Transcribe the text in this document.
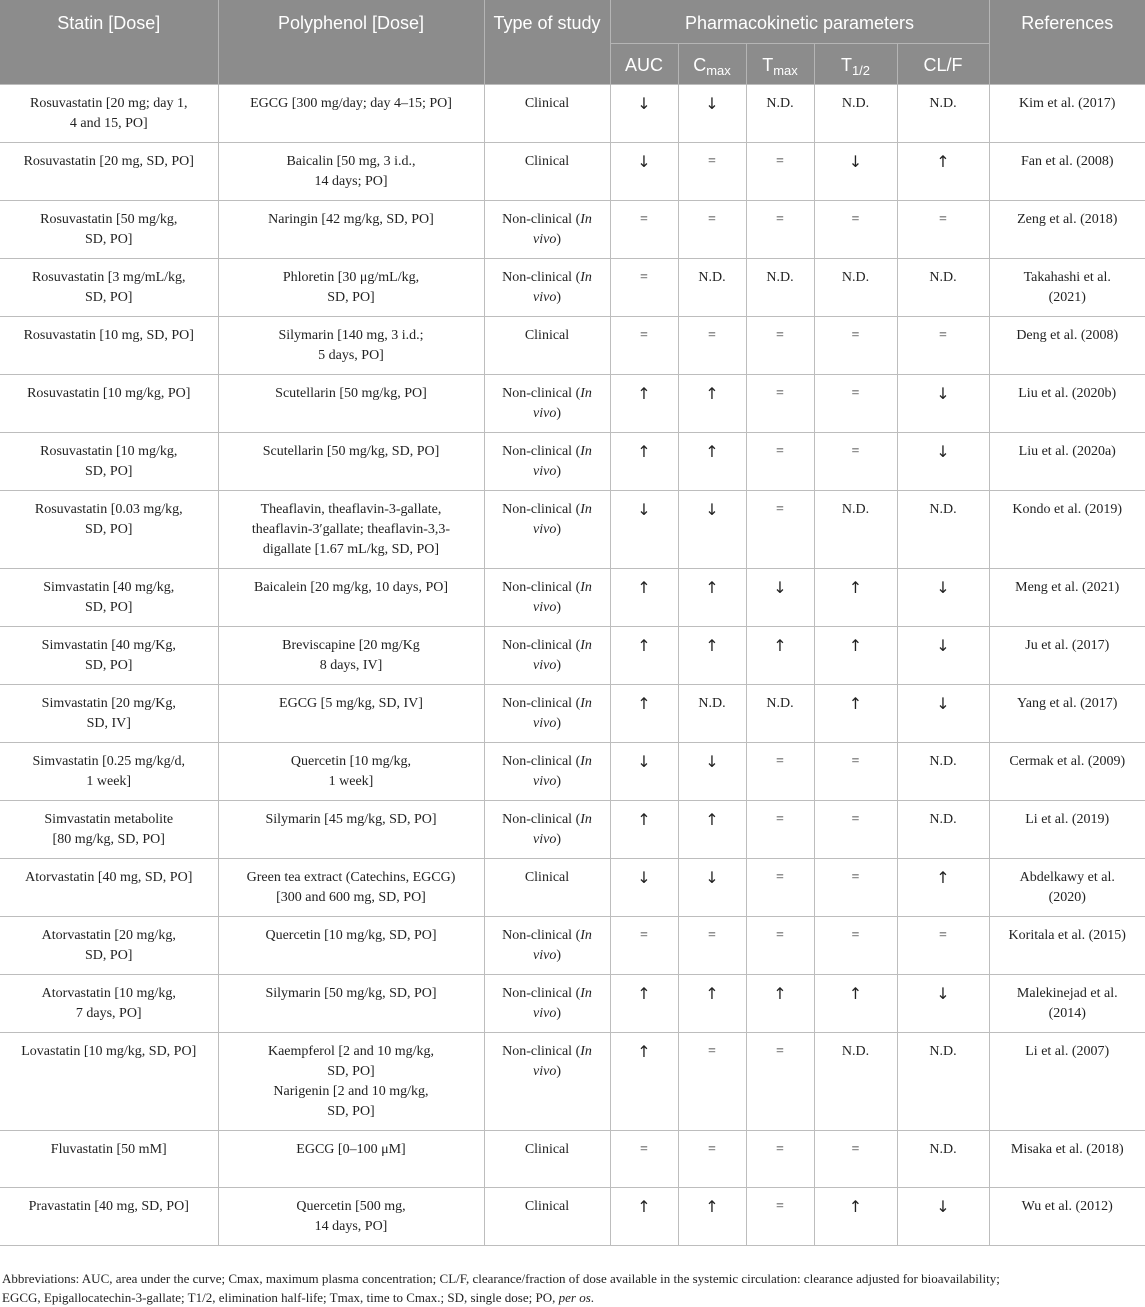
Statin [Dose]	Polyphenol [Dose]	Type of study	Pharmacokinetic parameters					References
			AUC	$C_{max}$	$T_{max}$	$T_{1/2}$	CL/F	

Rosuvastatin [20 mg; day 1,
4 and 15, PO]	EGCG [300 mg/day; day 4–15; PO]	Clinical	↓	↓	N.D.	N.D.	N.D.	Kim et al. (2017)

Rosuvastatin [20 mg, SD, PO]	Baicalin [50 mg, 3 i.d.,
14 days; PO]	Clinical	↓	=	=	↓	↑	Fan et al. (2008)

Rosuvastatin [50 mg/kg,
SD, PO]	Naringin [42 mg/kg, SD, PO]	Non-clinical (In
vivo)	=	=	=	=	=	Zeng et al. (2018)

Rosuvastatin [3 mg/mL/kg,
SD, PO]	Phloretin [30 μg/mL/kg,
SD, PO]	Non-clinical (In
vivo)	=	N.D.	N.D.	N.D.	N.D.	Takahashi et al.
(2021)

Rosuvastatin [10 mg, SD, PO]	Silymarin [140 mg, 3 i.d.;
5 days, PO]	Clinical	=	=	=	=	=	Deng et al. (2008)

Rosuvastatin [10 mg/kg, PO]	Scutellarin [50 mg/kg, PO]	Non-clinical (In
vivo)	↑	↑	=	=	↓	Liu et al. (2020b)

Rosuvastatin [10 mg/kg,
SD, PO]	Scutellarin [50 mg/kg, SD, PO]	Non-clinical (In
vivo)	↑	↑	=	=	↓	Liu et al. (2020a)

Rosuvastatin [0.03 mg/kg,
SD, PO]	Theaflavin, theaflavin-3-gallate,
theaflavin-3′gallate; theaflavin-3,3-
digallate [1.67 mL/kg, SD, PO]	Non-clinical (In
vivo)	↓	↓	=	N.D.	N.D.	Kondo et al. (2019)

Simvastatin [40 mg/kg,
SD, PO]	Baicalein [20 mg/kg, 10 days, PO]	Non-clinical (In
vivo)	↑	↑	↓	↑	↓	Meng et al. (2021)

Simvastatin [40 mg/Kg,
SD, PO]	Breviscapine [20 mg/Kg
8 days, IV]	Non-clinical (In
vivo)	↑	↑	↑	↑	↓	Ju et al. (2017)

Simvastatin [20 mg/Kg,
SD, IV]	EGCG [5 mg/kg, SD, IV]	Non-clinical (In
vivo)	↑	N.D.	N.D.	↑	↓	Yang et al. (2017)

Simvastatin [0.25 mg/kg/d,
1 week]	Quercetin [10 mg/kg,
1 week]	Non-clinical (In
vivo)	↓	↓	=	=	N.D.	Cermak et al. (2009)

Simvastatin metabolite
[80 mg/kg, SD, PO]	Silymarin [45 mg/kg, SD, PO]	Non-clinical (In
vivo)	↑	↑	=	=	N.D.	Li et al. (2019)

Atorvastatin [40 mg, SD, PO]	Green tea extract (Catechins, EGCG)
[300 and 600 mg, SD, PO]	Clinical	↓	↓	=	=	↑	Abdelkawy et al.
(2020)

Atorvastatin [20 mg/kg,
SD, PO]	Quercetin [10 mg/kg, SD, PO]	Non-clinical (In
vivo)	=	=	=	=	=	Koritala et al. (2015)

Atorvastatin [10 mg/kg,
7 days, PO]	Silymarin [50 mg/kg, SD, PO]	Non-clinical (In
vivo)	↑	↑	↑	↑	↓	Malekinejad et al.
(2014)

Lovastatin [10 mg/kg, SD, PO]	Kaempferol [2 and 10 mg/kg,
SD, PO]
Narigenin [2 and 10 mg/kg,
SD, PO]	Non-clinical (In
vivo)	↑	=	=	N.D.	N.D.	Li et al. (2007)

Fluvastatin [50 mM]	EGCG [0–100 μM]	Clinical	=	=	=	=	N.D.	Misaka et al. (2018)

Pravastatin [40 mg, SD, PO]	Quercetin [500 mg,
14 days, PO]	Clinical	↑	↑	=	↑	↓	Wu et al. (2012)
Abbreviations: AUC, area under the curve; Cmax, maximum plasma concentration; CL/F, clearance/fraction of dose available in the systemic circulation: clearance adjusted for bioavailability;
EGCG, Epigallocatechin-3-gallate; T1/2, elimination half-life; Tmax, time to Cmax.; SD, single dose; PO, per os.
